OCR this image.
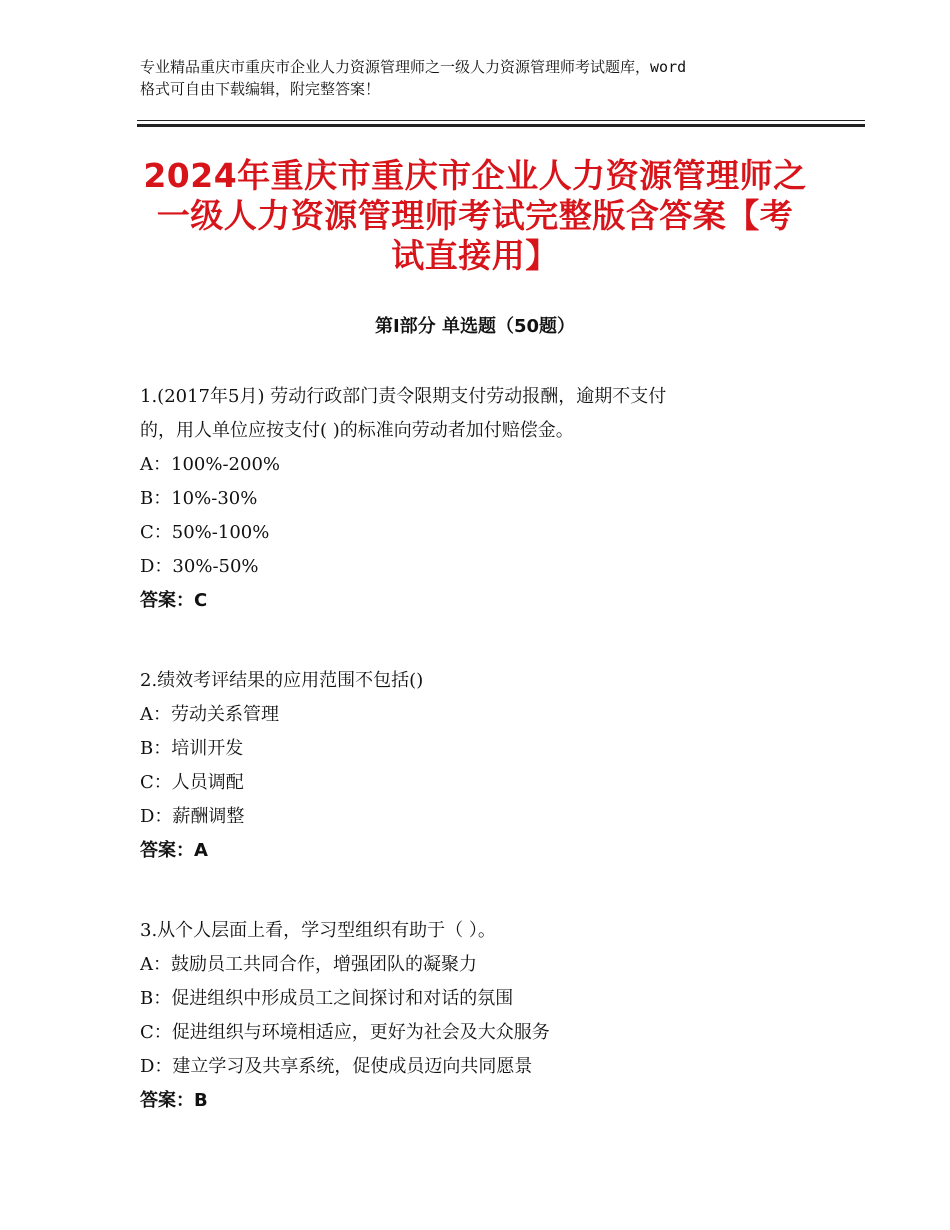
专业精品重庆市重庆市企业人力资源管理师之一级人力资源管理师考试题库，word

格式可自由下载编辑，附完整答案！

2024年重庆市重庆市企业人力资源管理师之

一级人力资源管理师考试完整版含答案【考

试直接用】

第Ⅰ部分 单选题（50题）

1.(2017年5月) 劳动行政部门责令限期支付劳动报酬，逾期不支付
的，用人单位应按支付( )的标准向劳动者加付赔偿金。

A：100%-200%

B：10%-30%

C：50%-100%

D：30%-50%

答案：C

2.绩效考评结果的应用范围不包括()

A：劳动关系管理

B：培训开发

C：人员调配

D：薪酬调整

答案：A

3.从个人层面上看，学习型组织有助于（ ）。

A：鼓励员工共同合作，增强团队的凝聚力

B：促进组织中形成员工之间探讨和对话的氛围

C：促进组织与环境相适应，更好为社会及大众服务

D：建立学习及共享系统，促使成员迈向共同愿景

答案：B
